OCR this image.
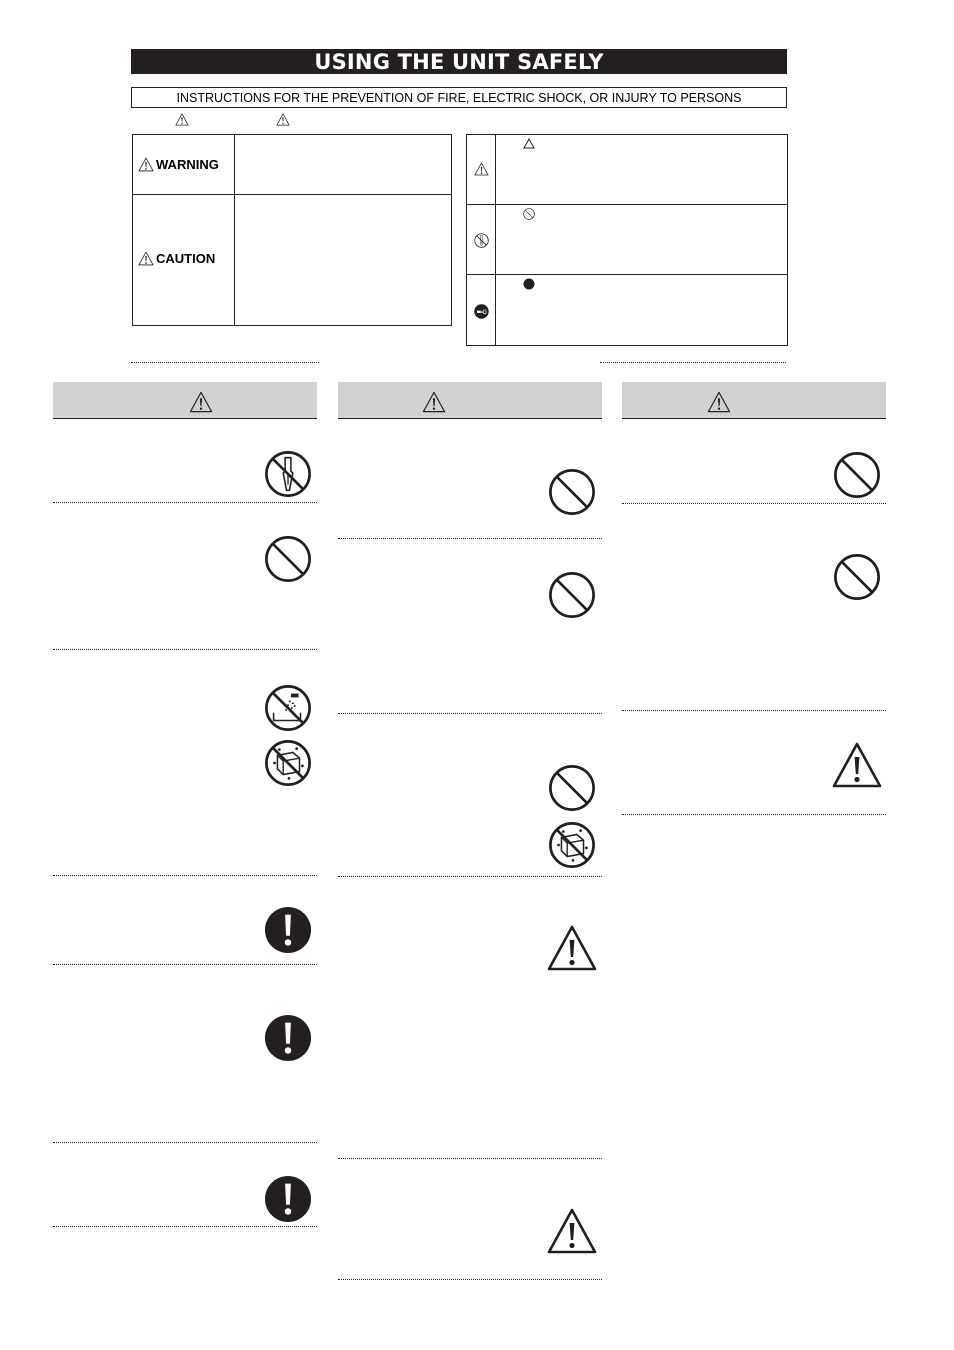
USING THE UNIT SAFELY
INSTRUCTIONS FOR THE PREVENTION OF FIRE, ELECTRIC SHOCK, OR INJURY TO PERSONS
WARNING
CAUTION
